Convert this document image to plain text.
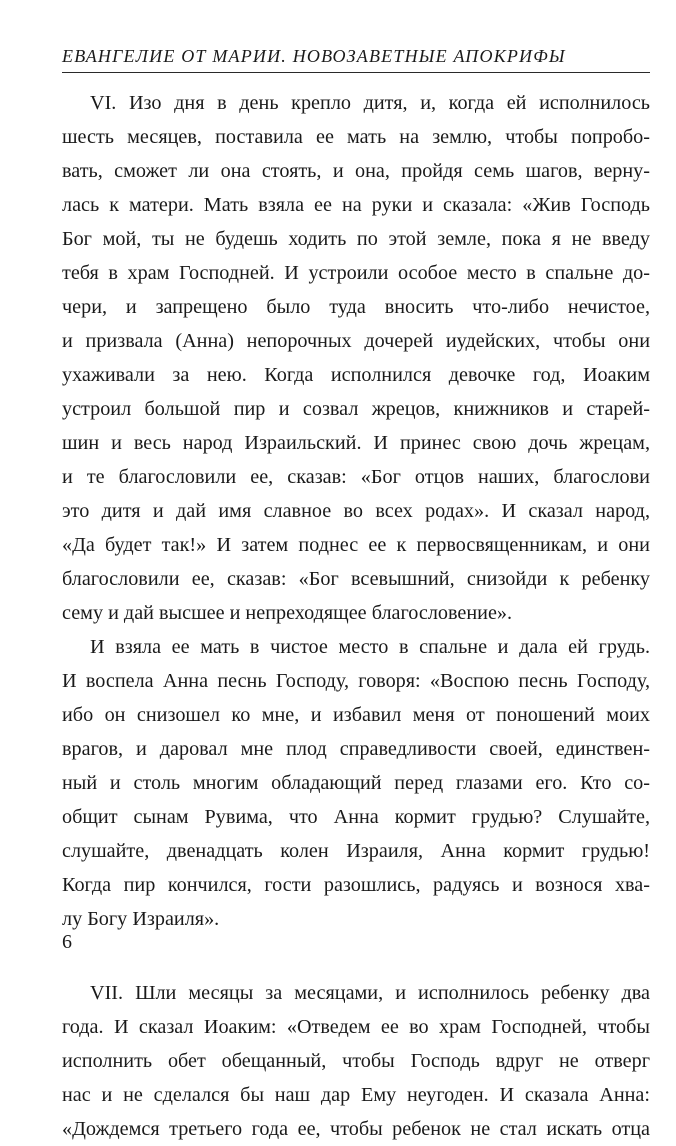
ЕВАНГЕЛИЕ ОТ МАРИИ. НОВОЗАВЕТНЫЕ АПОКРИФЫ
VI. Изо дня в день крепло дитя, и, когда ей исполнилось
шесть месяцев, поставила ее мать на землю, чтобы попробо-
вать, сможет ли она стоять, и она, пройдя семь шагов, верну-
лась к матери. Мать взяла ее на руки и сказала: «Жив Господь
Бог мой, ты не будешь ходить по этой земле, пока я не введу
тебя в храм Господней. И устроили особое место в спальне до-
чери, и запрещено было туда вносить что-либо нечистое,
и призвала (Анна) непорочных дочерей иудейских, чтобы они
ухаживали за нею. Когда исполнился девочке год, Иоаким
устроил большой пир и созвал жрецов, книжников и старей-
шин и весь народ Израильский. И принес свою дочь жрецам,
и те благословили ее, сказав: «Бог отцов наших, благослови
это дитя и дай имя славное во всех родах». И сказал народ,
«Да будет так!» И затем поднес ее к первосвященникам, и они
благословили ее, сказав: «Бог всевышний, снизойди к ребенку
сему и дай высшее и непреходящее благословение».
И взяла ее мать в чистое место в спальне и дала ей грудь.
И воспела Анна песнь Господу, говоря: «Воспою песнь Господу,
ибо он снизошел ко мне, и избавил меня от поношений моих
врагов, и даровал мне плод справедливости своей, единствен-
ный и столь многим обладающий перед глазами его. Кто со-
общит сынам Рувима, что Анна кормит грудью? Слушайте,
слушайте, двенадцать колен Израиля, Анна кормит грудью!
Когда пир кончился, гости разошлись, радуясь и вознося хва-
лу Богу Израиля».
VII. Шли месяцы за месяцами, и исполнилось ребенку два
года. И сказал Иоаким: «Отведем ее во храм Господней, чтобы
исполнить обет обещанный, чтобы Господь вдруг не отверг
нас и не сделался бы наш дар Ему неугоден. И сказала Анна:
«Дождемся третьего года ее, чтобы ребенок не стал искать отца
6
